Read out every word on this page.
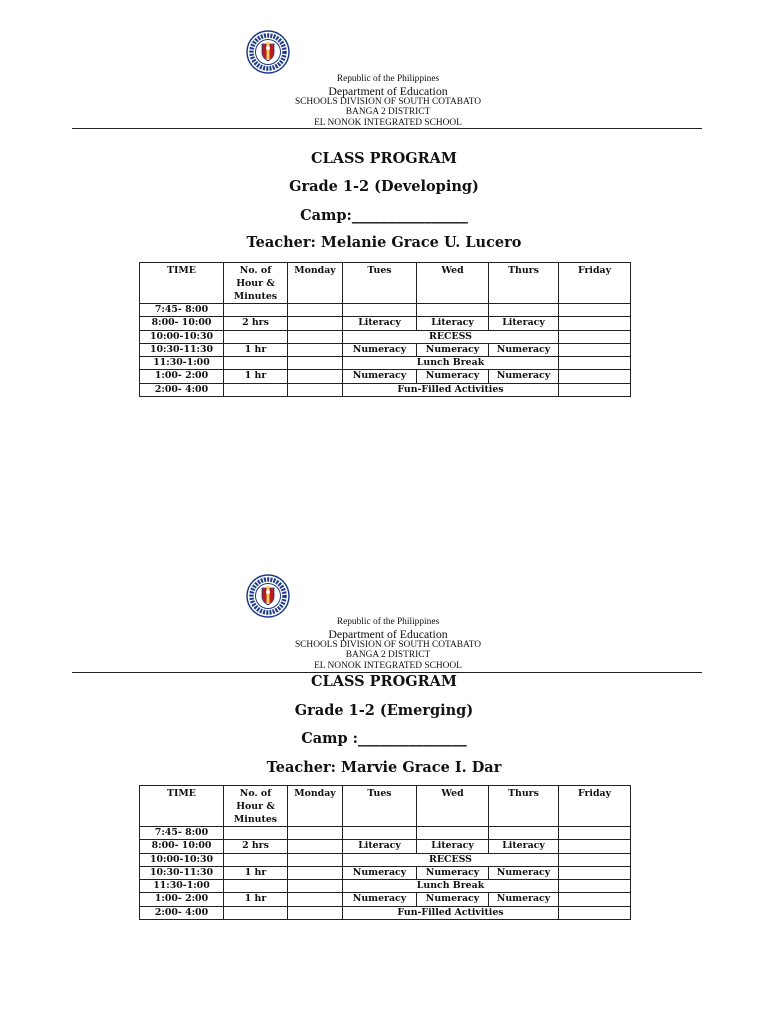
Republic of the Philippines
Department of Education
SCHOOLS DIVISION OF SOUTH COTABATO
BANGA 2 DISTRICT
EL NONOK INTEGRATED SCHOOL
CLASS PROGRAM
Grade 1-2 (Developing)
Camp:________________
Teacher: Melanie Grace U. Lucero
TIME	No. of Hour & Minutes	Monday	Tues	Wed	Thurs	Friday
7:45- 8:00						
8:00- 10:00	2 hrs		Literacy	Literacy	Literacy	
10:00-10:30			RECESS			
10:30-11:30	1 hr		Numeracy	Numeracy	Numeracy	
11:30-1:00			Lunch Break			
1:00- 2:00	1 hr		Numeracy	Numeracy	Numeracy	
2:00- 4:00			Fun-Filled Activities			
Republic of the Philippines
Department of Education
SCHOOLS DIVISION OF SOUTH COTABATO
BANGA 2 DISTRICT
EL NONOK INTEGRATED SCHOOL
CLASS PROGRAM
Grade 1-2 (Emerging)
Camp :_______________
Teacher: Marvie Grace I. Dar
TIME	No. of Hour & Minutes	Monday	Tues	Wed	Thurs	Friday
7:45- 8:00						
8:00- 10:00	2 hrs		Literacy	Literacy	Literacy	
10:00-10:30			RECESS			
10:30-11:30	1 hr		Numeracy	Numeracy	Numeracy	
11:30-1:00			Lunch Break			
1:00- 2:00	1 hr		Numeracy	Numeracy	Numeracy	
2:00- 4:00			Fun-Filled Activities			
